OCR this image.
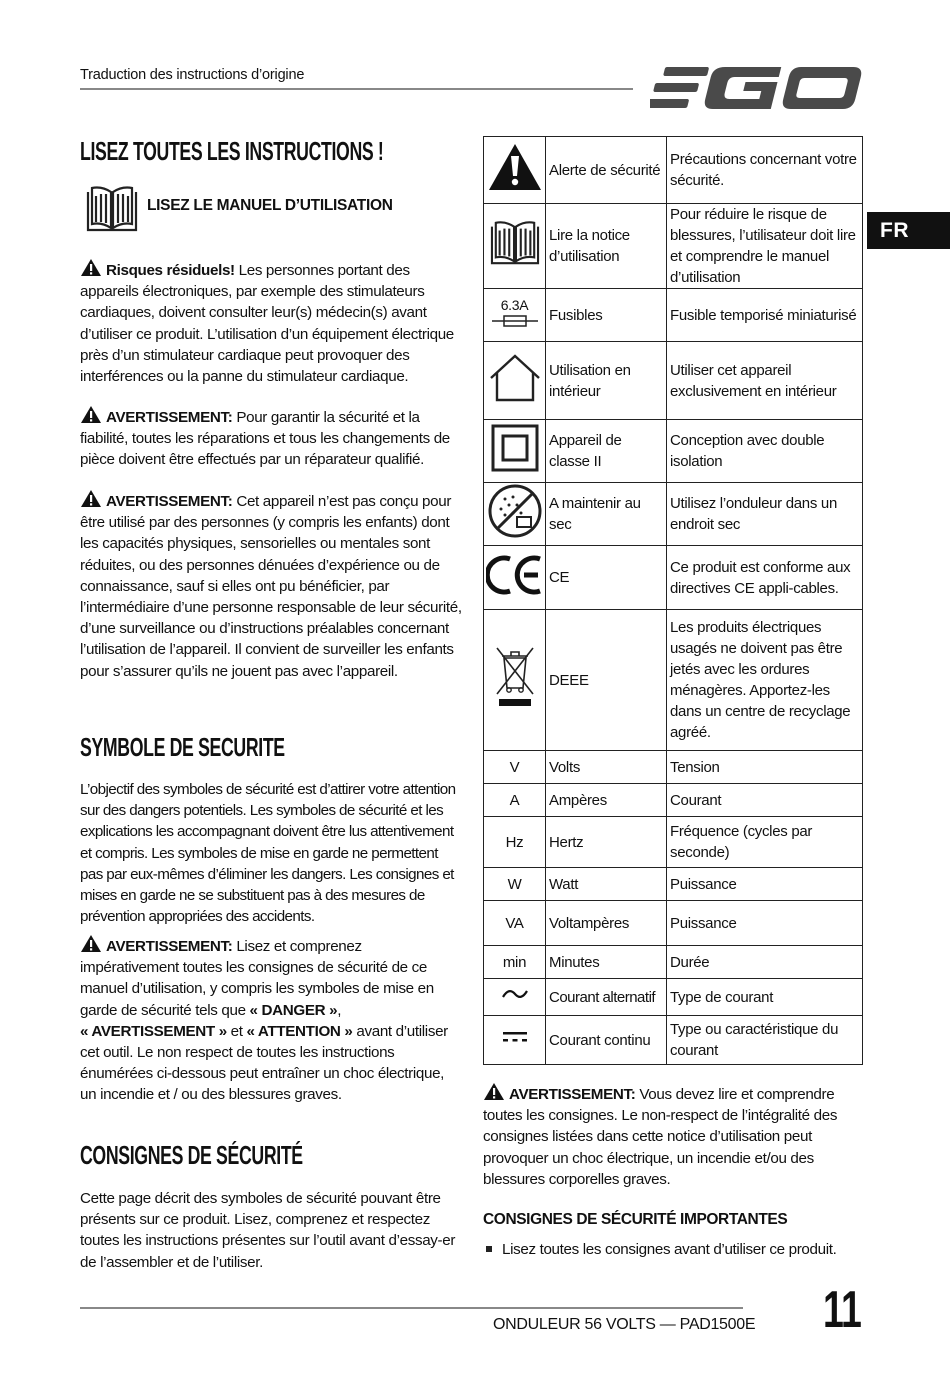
Traduction des instructions d’origine
FR
LISEZ TOUTES LES INSTRUCTIONS !
LISEZ LE MANUEL D’UTILISATION
Risques résiduels! Les personnes portant des appareils électroniques, par exemple des stimulateurs cardiaques, doivent consulter leur(s) médecin(s) avant d’utiliser ce produit. L’utilisation d’un équipement électrique près d’un stimulateur cardiaque peut provoquer des interférences ou la panne du stimulateur cardiaque.
AVERTISSEMENT: Pour garantir la sécurité et la fiabilité, toutes les réparations et tous les changements de pièce doivent être effectués par un réparateur qualifié.
AVERTISSEMENT: Cet appareil n’est pas conçu pour être utilisé par des personnes (y compris les enfants) dont les capacités physiques, sensorielles ou mentales sont réduites, ou des personnes dénuées d’expérience ou de connaissance, sauf si elles ont pu bénéficier, par l’intermédiaire d’une personne responsable de leur sécurité, d’une surveillance ou d’instructions préalables concernant l’utilisation de l’appareil. Il convient de surveiller les enfants pour s’assurer qu’ils ne jouent pas avec l’appareil.
SYMBOLE DE SECURITE
L’objectif des symboles de sécurité est d’attirer votre attention sur des dangers potentiels. Les symboles de sécurité et les explications les accompagnant doivent être lus attentivement et compris. Les symboles de mise en garde ne permettent pas par eux-mêmes d’éliminer les dangers. Les consignes et mises en garde ne se substituent pas à des mesures de prévention appropriées des accidents.
AVERTISSEMENT: Lisez et comprenez impérativement toutes les consignes de sécurité de ce manuel d’utilisation, y compris les symboles de mise en garde de sécurité tels que « DANGER »,
« AVERTISSEMENT » et « ATTENTION » avant d’utiliser cet outil. Le non respect de toutes les instructions énumérées ci-dessous peut entraîner un choc électrique, un incendie et / ou des blessures graves.
CONSIGNES DE SÉCURITÉ
Cette page décrit des symboles de sécurité pouvant être présents sur ce produit. Lisez, comprenez et respectez toutes les instructions présentes sur l’outil avant d’essay-er de l’assembler et de l’utiliser.
	Alerte de sécurité	Précautions concernant votre sécurité.
	Lire la notice d’utilisation	Pour réduire le risque de blessures, l’utilisateur doit lire et comprendre le manuel d’utilisation

6.3A	Fusibles	Fusible temporisé miniaturisé
	Utilisation en intérieur	Utiliser cet appareil exclusivement en intérieur
	Appareil de classe II	Conception avec double isolation
	A maintenir au sec	Utilisez l’onduleur dans un endroit sec
	CE	Ce produit est conforme aux directives CE appli-cables.
	DEEE	Les produits électriques usagés ne doivent pas être jetés avec les ordures ménagères. Apportez-les dans un centre de recyclage agréé.
V	Volts	Tension
A	Ampères	Courant
Hz	Hertz	Fréquence (cycles par seconde)
W	Watt	Puissance
VA	Voltampères	Puissance
min	Minutes	Durée
	Courant alternatif	Type de courant
	Courant continu	Type ou caractéristique du courant
AVERTISSEMENT: Vous devez lire et comprendre toutes les consignes. Le non-respect de l’intégralité des consignes listées dans cette notice d’utilisation peut provoquer un choc électrique, un incendie et/ou des blessures corporelles graves.
CONSIGNES DE SÉCURITÉ IMPORTANTES
Lisez toutes les consignes avant d’utiliser ce produit.
ONDULEUR 56 VOLTS — PAD1500E 11
